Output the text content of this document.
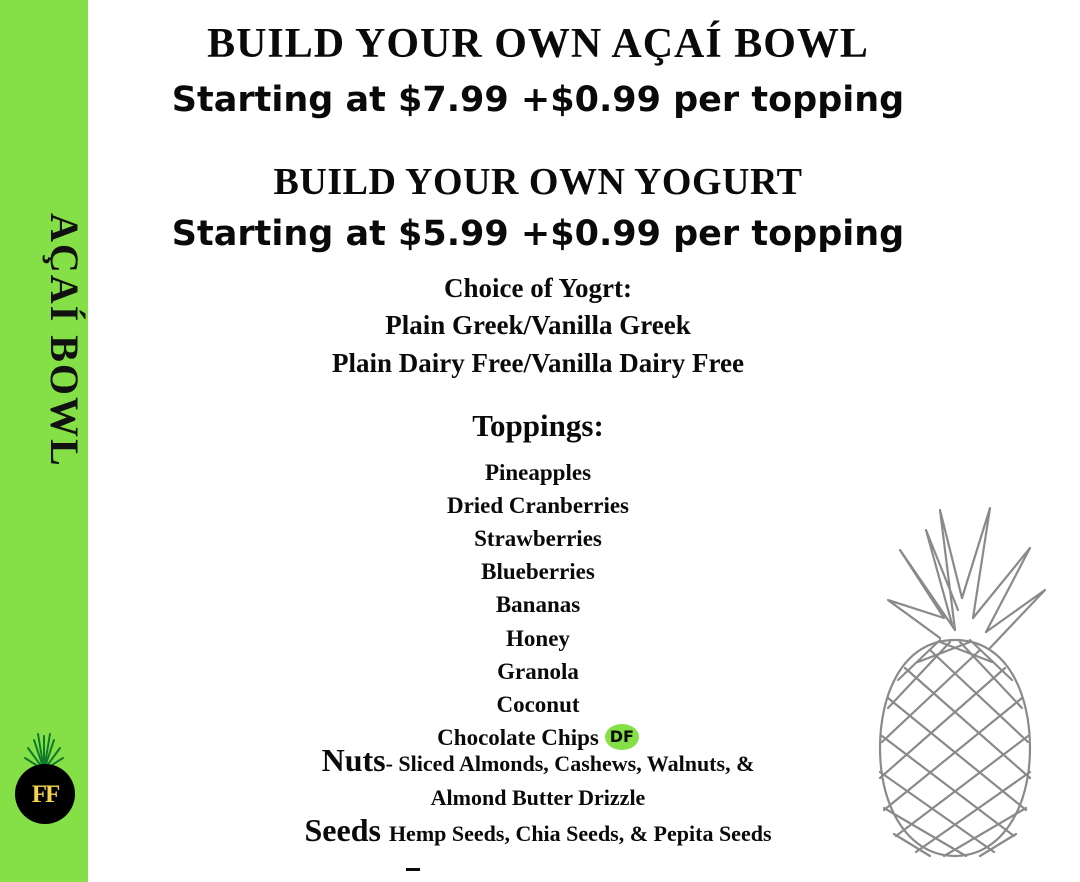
AÇAÍ BOWL
FF
BUILD YOUR OWN AÇAÍ BOWL
Starting at $7.99 +$0.99 per topping
BUILD YOUR OWN YOGURT
Starting at $5.99 +$0.99 per topping
Choice of Yogrt:
Plain Greek/Vanilla Greek
Plain Dairy Free/Vanilla Dairy Free
Toppings:
Pineapples
Dried Cranberries
Strawberries
Blueberries
Bananas
Honey
Granola
Coconut
Chocolate Chips DF
Nuts- Sliced Almonds, Cashews, Walnuts, &
Almond Butter Drizzle
Seeds Hemp Seeds, Chia Seeds, & Pepita Seeds
